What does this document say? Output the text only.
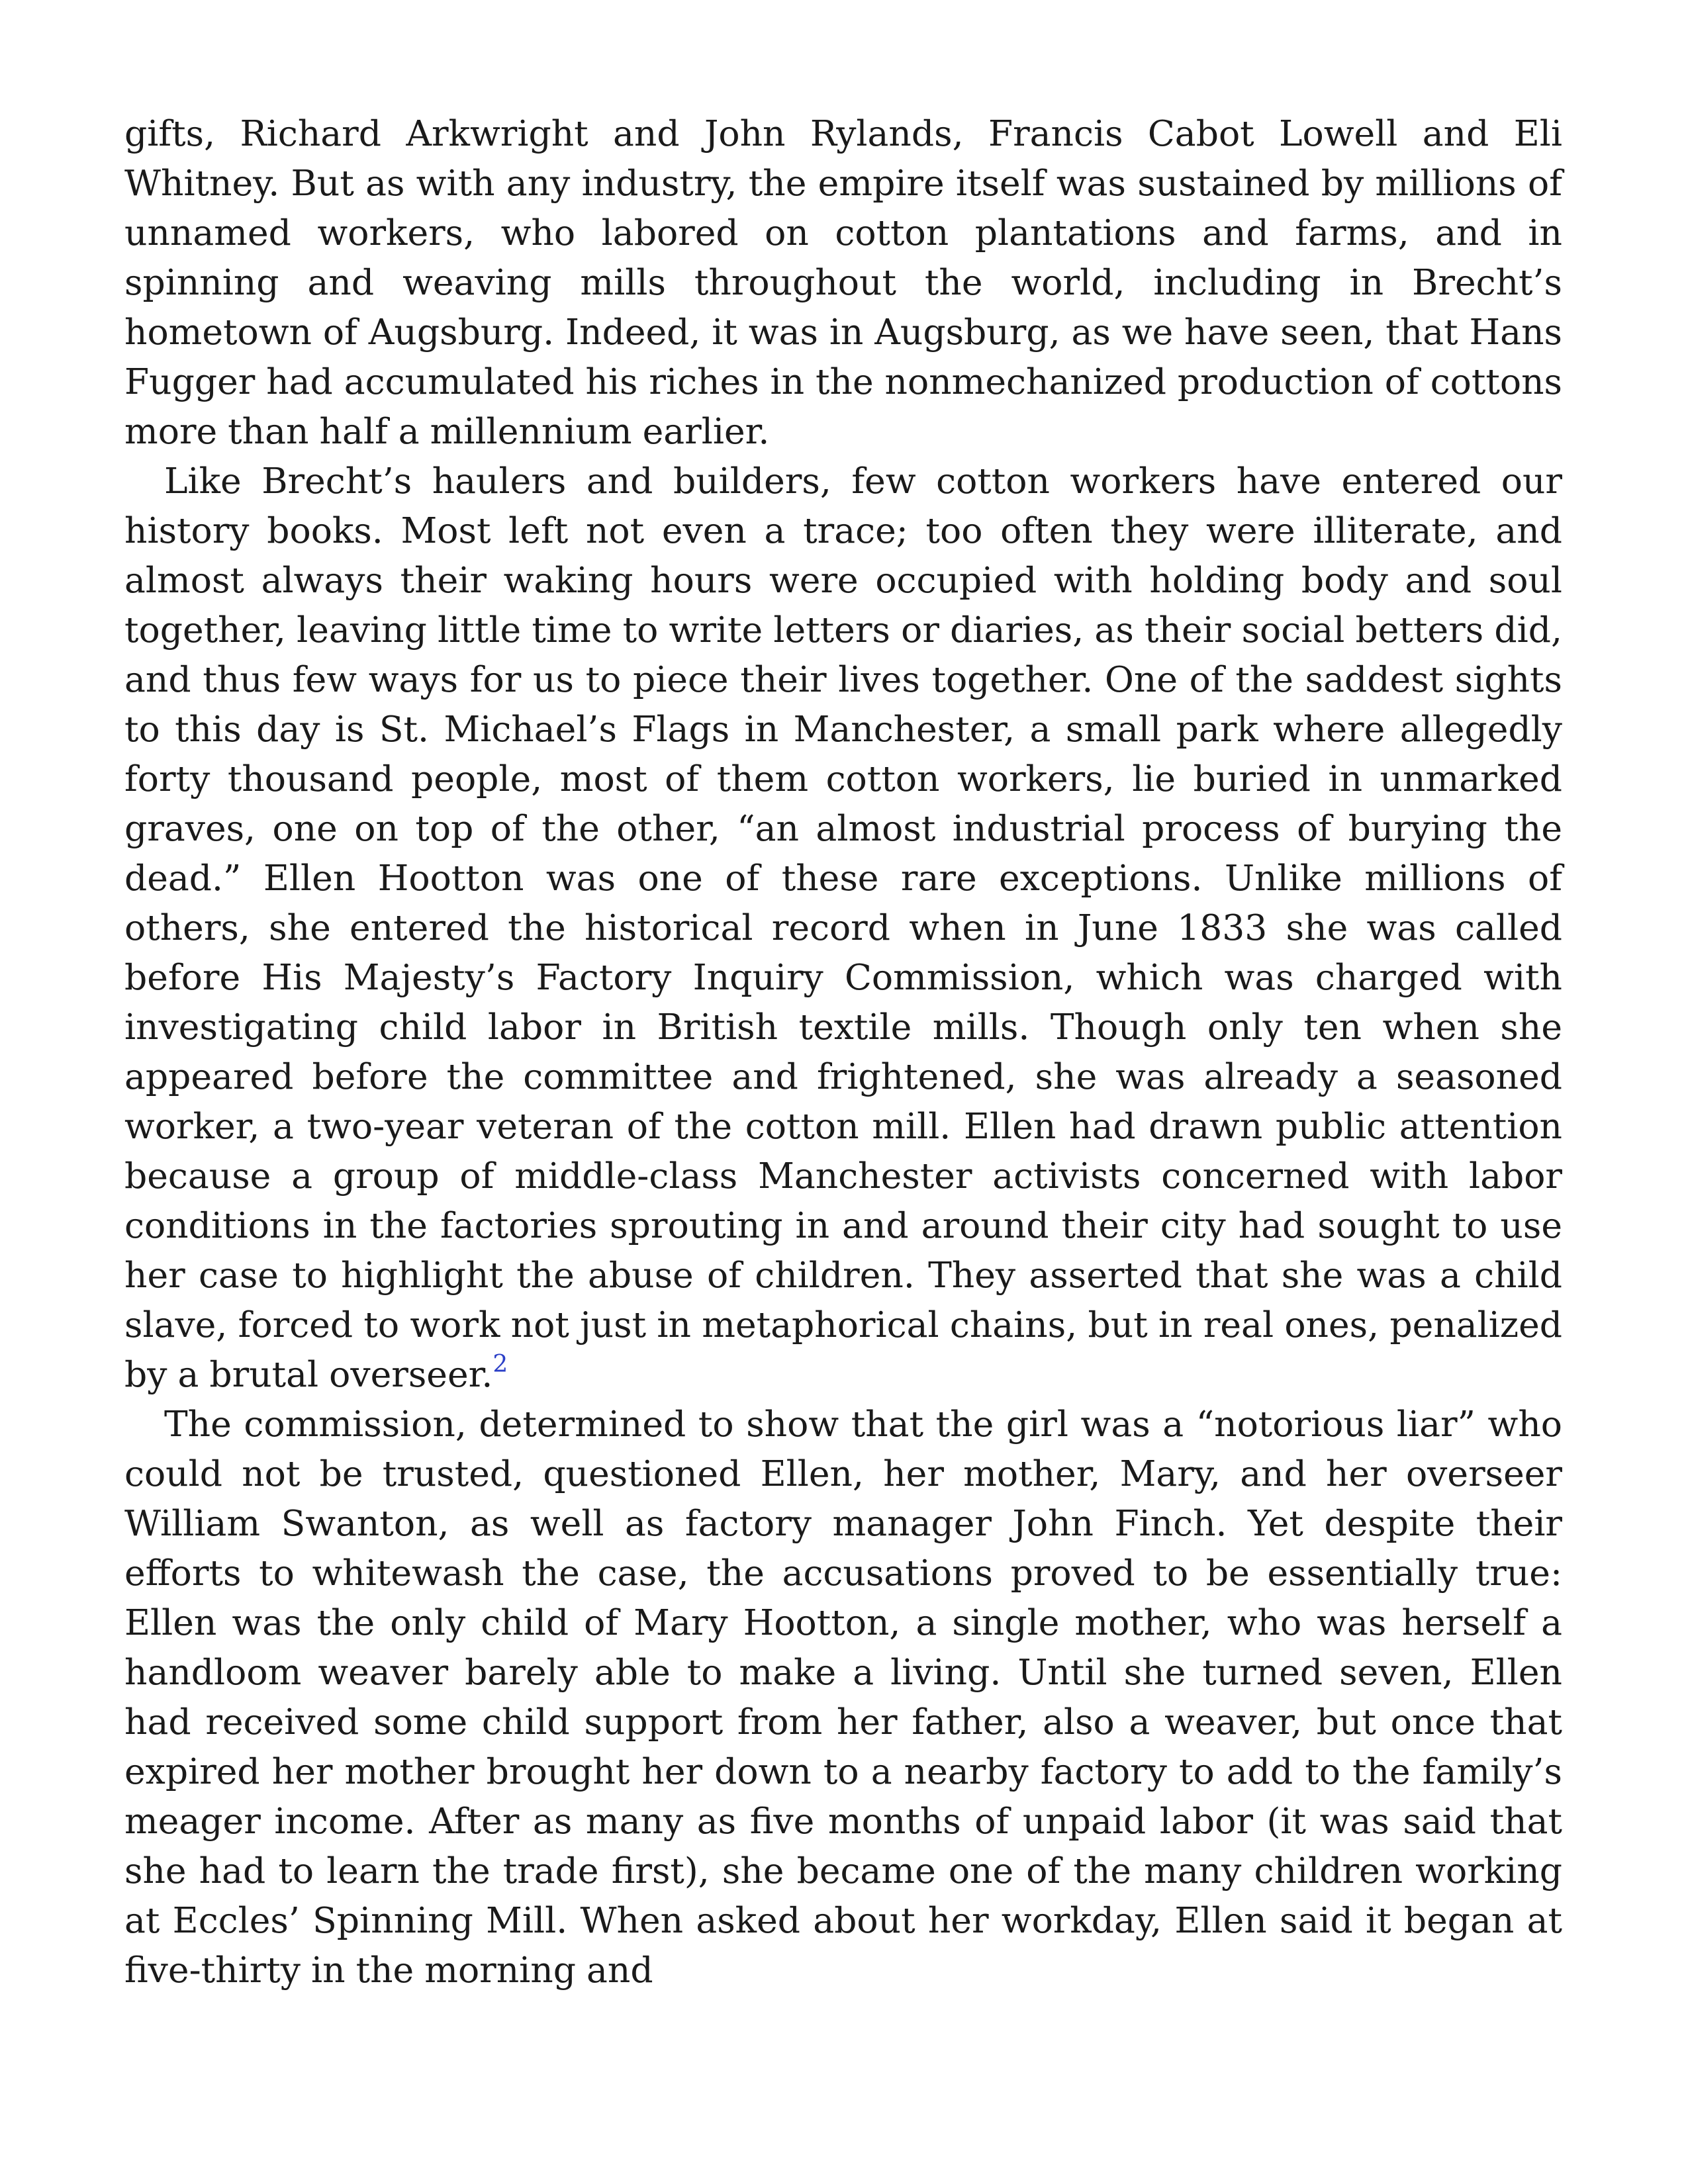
gifts, Richard Arkwright and John Rylands, Francis Cabot Lowell and Eli Whitney. But as with any industry, the empire itself was sustained by millions of unnamed workers, who labored on cotton plantations and farms, and in spinning and weaving mills throughout the world, including in Brecht’s hometown of Augsburg. Indeed, it was in Augsburg, as we have seen, that Hans Fugger had accumulated his riches in the nonmechanized production of cottons more than half a millennium earlier.

Like Brecht’s haulers and builders, few cotton workers have entered our history books. Most left not even a trace; too often they were illiterate, and almost always their waking hours were occupied with holding body and soul together, leaving little time to write letters or diaries, as their social betters did, and thus few ways for us to piece their lives together. One of the saddest sights to this day is St. Michael’s Flags in Manchester, a small park where allegedly forty thousand people, most of them cotton workers, lie buried in unmarked graves, one on top of the other, “an almost industrial process of burying the dead.” Ellen Hootton was one of these rare exceptions. Unlike millions of others, she entered the historical record when in June 1833 she was called before His Majesty’s Factory Inquiry Commission, which was charged with investigating child labor in British textile mills. Though only ten when she appeared before the committee and frightened, she was already a seasoned worker, a two-year veteran of the cotton mill. Ellen had drawn public attention because a group of middle-class Manchester activists concerned with labor conditions in the factories sprouting in and around their city had sought to use her case to highlight the abuse of children. They asserted that she was a child slave, forced to work not just in metaphorical chains, but in real ones, penalized by a brutal overseer.$^2$

The commission, determined to show that the girl was a “notorious liar” who could not be trusted, questioned Ellen, her mother, Mary, and her overseer William Swanton, as well as factory manager John Finch. Yet despite their efforts to whitewash the case, the accusations proved to be essentially true: Ellen was the only child of Mary Hootton, a single mother, who was herself a handloom weaver barely able to make a living. Until she turned seven, Ellen had received some child support from her father, also a weaver, but once that expired her mother brought her down to a nearby factory to add to the family’s meager income. After as many as five months of unpaid labor (it was said that she had to learn the trade first), she became one of the many children working at Eccles’ Spinning Mill. When asked about her workday, Ellen said it began at five-thirty in the morning and
